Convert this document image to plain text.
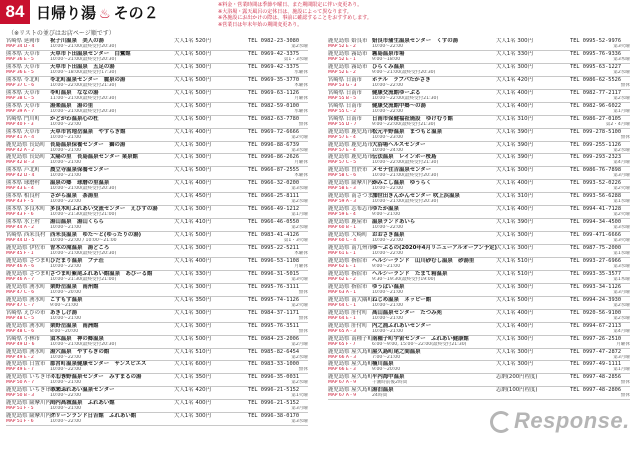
84 日帰り湯 ♨ その２	※料金・営業時間は季節や曜日、また期間限定に伴い変更あり。
※大浴場・露天風呂の定休日は、施設によって異なります。
※各施設にお出かけの際は、事前に確認することをおすすめします。
※営業日は年末年始の期間変更あり。
（※リストの並びはお店ページ順です）
宮崎県 延岡市	祝子川温泉　美人の湯	大人1名 520円	TEL 0982-23-3080
MAP 34 D - 4	10:00～21:00(最終受付20:30)	第2水曜
熊本県 天草市	天草市下田温泉センター　白鷺館	大人1名 500円	TEL 0969-42-3375
MAP 36 E - 5	10:00～21:00(最終受付20:30)	第1・3水曜
熊本県 天草市	天草市下田温泉　五足の湯	大人1名 300円	TEL 0969-42-3375
MAP 36 E - 5	10:00～18:00(最終受付17:30)	水曜休
熊本県 苓北町	苓北町温泉センター　麓泉の湯	大人1名 500円	TEL 0969-35-3770
MAP 37 C - 6	10:00～22:00(最終受付21:30)	木曜休
熊本県 天草市	苓町温泉　ななの湯	大人1名 500円	TEL 0969-63-1126
MAP 38 C - 5	11:00～21:00(最終受付20:30)	月曜休
熊本県 天草市	湯楽温泉　湯の里	大人1名 500円	TEL 0982-59-0100
MAP 39 A - 7	10:00～21:00(最終受付20:30)	水曜休
宮崎県 門川町	かどがわ温泉心の杜	大人1名 500円	TEL 0982-63-7780
MAP 40 F - 3	10:00～22:00	無休
熊本県 天草市	天草市宮地岳温泉　やすらぎ館	大人1名 400円	TEL 0969-72-6666
MAP 41 A - 4	10:00～21:00	第2火曜
鹿児島県 長島町 長島温泉保養センター　獅の湯	大人1名 300円	TEL 0996-88-6739
MAP 42 A - 2	10:00～21:00	第3水曜
鹿児島県 長島町 太陽の里　長島温泉センター 業泉館	大人1名 300円	TEL 0996-86-2626
MAP 42 B - 3	10:00～21:00	月曜休
熊本県 芦北町	農立寺温泉保養センター	大人1名 500円	TEL 0966-87-2555
MAP 42 D - 4	10:00～21:00	木曜休
熊本県 球磨村	温泉の郷　球磨の里温泉	大人1名 400円	TEL 0966-32-0200
MAP 43 E - 4	10:00～21:00(最終受付20:30)	第3水曜
熊本県 相良村	さがら温泉　茶湯里	大人1名 450円	TEL 0966-25-8111
MAP 43 F - 5	10:00～22:00	第2水曜
熊本県 多良木町 多良木町ふれあい交流センター　えびすの湯	大人1名 300円	TEL 0966-49-1212
MAP 43 F - 6	10:00～21:30(最終受付21:00)	第1月曜
熊本県 水上村	湯山温泉　湯山くらら	大人1名 410円	TEL 0966-46-0550
MAP 44 A - 2	10:00～21:00	第2水曜
宮崎県 西米良村 西米良温泉　ゆた～と(ゆったりの湯)	大人1名 500円	TEL 0983-41-4126
MAP 44 D - 5	10:00～22:00 / 10:00～21:00	第1・3火曜
鹿児島県 伊佐市 曽木の滝温泉　湯どころ	大人1名 300円	TEL 0995-22-5211
MAP 45 F - 1	10:00～21:00(最終受付20:30)	木曜休
鹿児島県 さつま町 ひだまり温泉　ブナ荘	大人1名 400円	TEL 0996-53-1108
MAP 46 A - 6	10:00～22:00	月曜休
鹿児島県 さつま町 さつま町紫尾ふれあい館温泉　あびーる館	大人1名 330円	TEL 0996-31-5015
MAP 46 A - 7	10:00～21:30(最終受付21:00)	第3火曜
鹿児島県 湧水町 栗野岳温泉　南州館	大人1名 300円	TEL 0995-76-3111
MAP 47 C - 6	10:00～20:00	無休
鹿児島県 湧水町 こすもす温泉	大人1名 350円	TEL 0995-74-1126
MAP 47 C - 7	9:00～21:00	第2火曜
宮崎県 えびの市 あきしげ湯	大人1名 300円	TEL 0984-37-1171
MAP 48 C - 5	10:00～21:00	無休
鹿児島県 湧水町 栗野岳温泉　南洲館	大人1名 300円	TEL 0995-76-3511
MAP 48 C - 6	8:00～20:00	無休
宮崎県 小林市	須木温泉　神の郷温泉	大人1名 500円	TEL 0984-23-2006
MAP 49 D - 6	10:00～21:00(最終受付20:30)	第2月曜
鹿児島県 湧水町 湯穴温泉　やすらぎの館	大人1名 510円	TEL 0985-82-6454
MAP 49 E - 2	10:00～22:00	第2水曜
鹿児島県 日置市 郡宮町温泉健康センター　サンスピエス	大人1名 600円	TEL 0983-33-1000
MAP 49 E - 7	10:00～22:00	無休
鹿児島県 いちき串木野市
くしき野温泉センター　みすまるの湯	大人1名 350円	TEL 0996-35-0031
MAP 50 A - 7	10:00～21:00	第2水曜
鹿児島県 いちき串木野市
市来ふれあい温泉センター	大人1名 420円	TEL 0996-21-5152
MAP 50 B - 3	10:00～22:00	第1火曜
鹿児島県 薩摩川内市
川内高城温泉　ふれあい館	大人1名 400円	TEL 0996-21-5152
MAP 51 F - 5	10:00～21:00	第3月曜
鹿児島県 薩摩川内市
グリーンランド日吉館　ふれあい館	大人1名 300円	TEL 0996-38-0170
MAP 51 F - 6	10:00～22:00	第3水曜
鹿児島県 姶良市 姶良市蒲生温泉センター　くすの湯	大人1名 300円	TEL 0995-52-9976
MAP 52 E - 2	10:00～22:00	第3火曜
鹿児島県 霧島市 霧島温泉市場	大人1名 330円	TEL 0995-76-9336
MAP 52 E - 1	9:00～18:00	第3木曜
鹿児島県 霧島市 ひらくみ温泉	大人1名 300円	TEL 0995-63-1227
MAP 52 E - 2	9:00～21:00(最終受付20:30)	第2水曜
宮崎県 日南市	ホテル　ラプパたかさき	大人1名 420円	TEL 0986-62-5526
MAP 53 G - 3	10:00～22:00	無休
宮崎県 日南市	健康交流館ゆーぷる	大人1名 400円	TEL 0982-77-2117
MAP 55 B - 5	10:00～22:00(最終受付21:30)	第2水曜
宮崎県 日南市	健康交流館中郷～の湯	大人1名 400円	TEL 0982-96-6022
MAP 55 C - 2	10:00～22:00	第1月曜
宮崎県 日南市	日南市保健福祉施設　ゆけむり館	大人1名 310円	TEL 0986-27-0105
MAP 55 D - 7	9:00～22:00(最終受付21:30)	第2・4月曜
鹿児島県 鹿児島市 松元平野温泉　まつもと温泉	大人1名 390円	TEL 099-278-5100
MAP 57 E - 4	10:00～23:00	無休
鹿児島県 鹿児島市 大浴場ヘルスセンター	大人1名 390円	TEL 099-255-1126
MAP 57 E - 4	10:00～24:00	第2水曜
鹿児島県 鹿児島市 伝法温泉　レインボー桜島	大人1名 390円	TEL 099-293-2323
MAP 57 C - 5	10:00～22:00(最終受付21:30)	第4月曜
鹿児島県 曽於市 メセナ住吉温泉センター	大人1名 300円	TEL 0986-76-7898
MAP 58 C - 6	10:00～21:00(最終受付20:30)	第3月曜
鹿児島県 薩摩川内市
かみこし温泉　ゆうらく	大人1名 400円	TEL 0993-52-0226
MAP 58 E - 3	10:00～22:00	第2火曜
鹿児島県 南さつま市
加世田きんかんセンター 吹上浜温泉	大人1名 310円	TEL 0993-56-6288
MAP 59 A - 3	10:00～21:00(最終受付20:30)	第1水曜
鹿児島県 志布志市 ゆたか温泉	大人1名 400円	TEL 0994-41-7128
MAP 59 E - 4	9:00～21:00	第2火曜
鹿児島県 鹿屋市 温泉ランドあいら	大人1名 390円	TEL 0994-34-4500
MAP 60 B - 1	10:00～22:00	第3水曜
鹿児島県 大崎町 おおさき温泉	大人1名 300円	TEL 099-471-6666
MAP 60 C - 4	10:00～22:00	第3火曜
鹿児島県 南九州市 ゆ～ぷるの(2020年4月リニューアルオープン予定)
大人1名 300円	TEL 0987-75-2000
MAP 61 E - 1	10:00～22:00	第1水曜
鹿児島県 指宿市 ヘルシーランド　山川砂むし温泉　砂湯里	大人1名 510円	TEL 0993-27-6966
MAP 62 E - 1	9:00～21:00	第3水曜
鹿児島県 指宿市 ヘルシーランド　たまて箱温泉	大人1名 510円	TEL 0993-35-3577
MAP 62 E - 2	9:30～19:30(最終受付19:00)	第1木曜
鹿児島県 指宿市 ゆうばい温泉	大人1名 300円	TEL 0993-34-1126
MAP 63 A - 1	10:00～21:00	第3月曜
鹿児島県 南大隅町 ねじめ温泉　ネッピー館	大人1名 500円	TEL 0994-24-3930
MAP 64 C - 1	10:00～21:00	第2水曜
鹿児島県 肝付町 高山温泉センター　たつみ苑	大人1名 400円	TEL 0920-56-9100
MAP 64 E - 1	10:00～21:00	第2水曜
鹿児島県 肝付町 内之浦ふれあいセンター	大人1名 400円	TEL 0994-67-2113
MAP 65 A - 3	10:00～21:00	第4月曜
鹿児島県 南種子町 南種子町宇宙センター　ふれあい健康館	大人1名 300円	TEL 0997-26-2510
MAP 65 F - 7	6:00～9:00, 15:00～22:00(最終受付21:30)	月曜休
鹿児島県 屋久島町 屋久島町尾之間温泉	大人1名 300円	TEL 0997-47-2872
MAP 66 A - 3	7:00～21:00	第3月曜
鹿児島県 屋久島町 楠川温泉	大人1名 300円	TEL 0997-49-1111
MAP 66 E - 3	9:00～20:00	第1月曜
鹿児島県 屋久島町 平内海中温泉	志納(200円程度)	TEL 0997-48-2856
MAP 67 A - 9	干潮時前後2時間	無休
鹿児島県 屋久島町 湯泊温泉	志納(100円程度)	TEL 0997-48-2806
MAP 67 A - 9	24時間	無休
Response.
